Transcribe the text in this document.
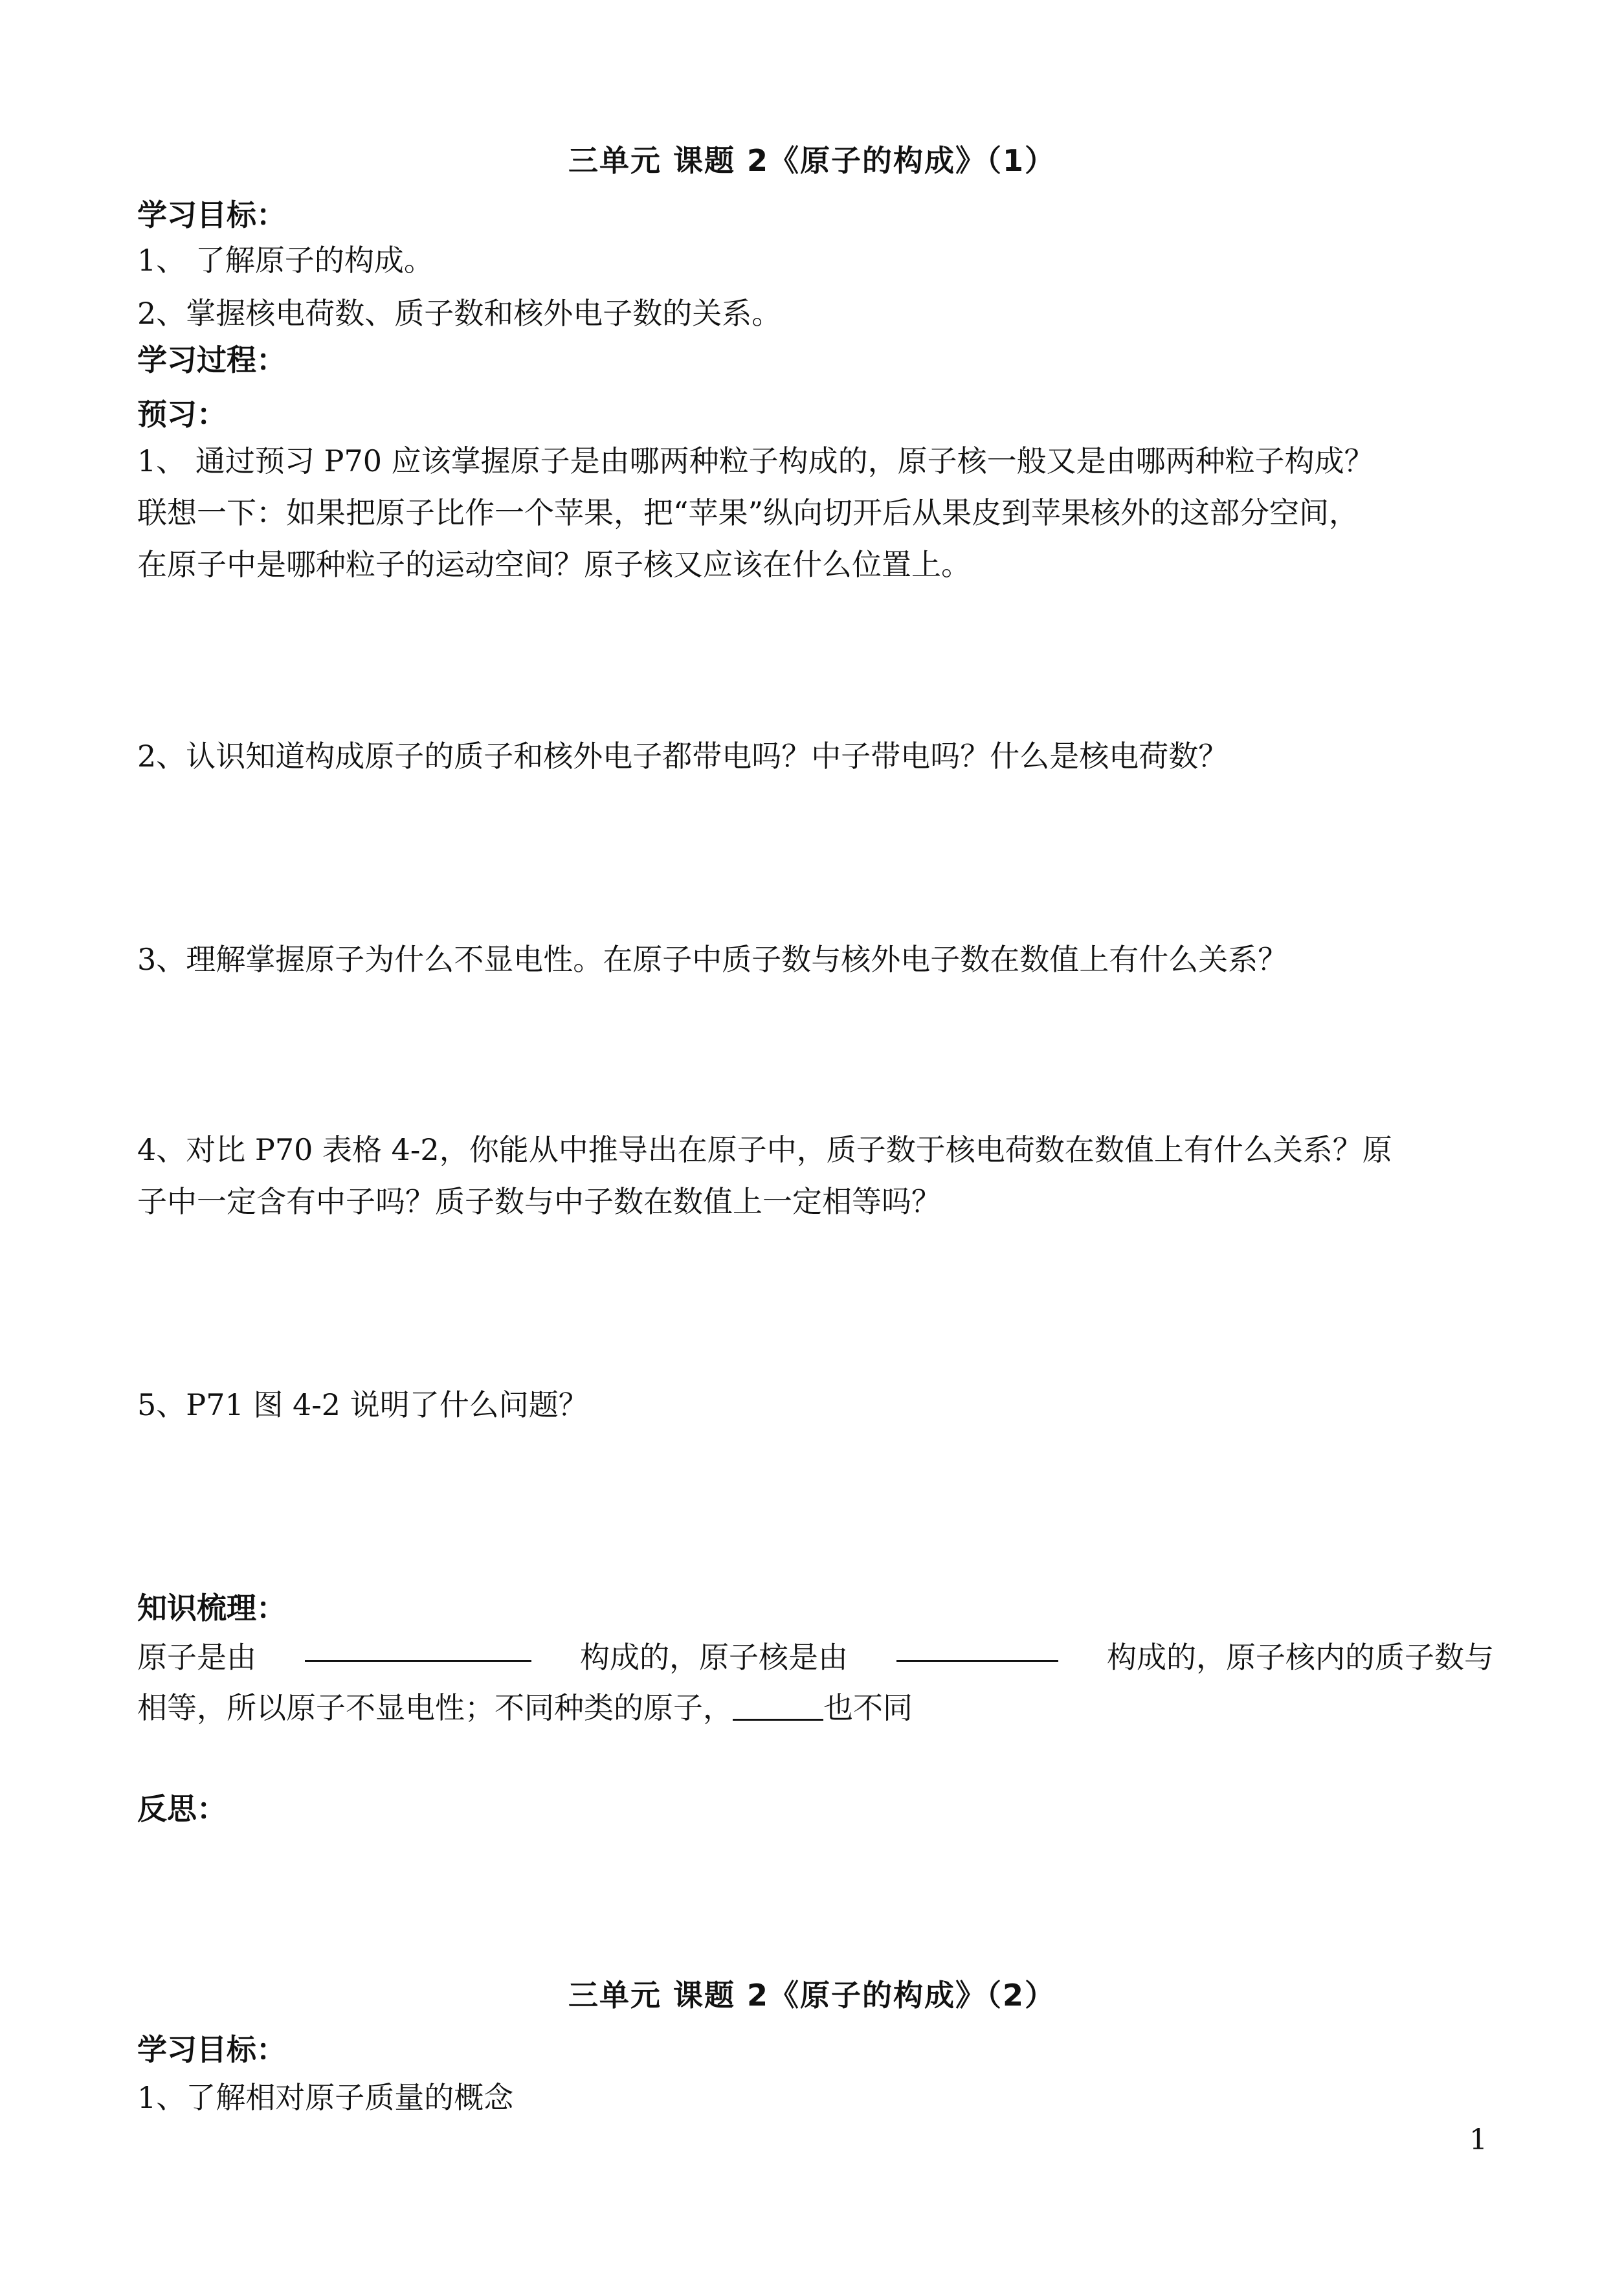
三单元 课题 2《原子的构成》（1）
学习目标：
1、 了解原子的构成。
2、掌握核电荷数、质子数和核外电子数的关系。
学习过程：
预习：
1、 通过预习 P70 应该掌握原子是由哪两种粒子构成的，原子核一般又是由哪两种粒子构成？
联想一下：如果把原子比作一个苹果，把“苹果”纵向切开后从果皮到苹果核外的这部分空间，
在原子中是哪种粒子的运动空间？原子核又应该在什么位置上。
2、认识知道构成原子的质子和核外电子都带电吗？中子带电吗？什么是核电荷数？
3、理解掌握原子为什么不显电性。在原子中质子数与核外电子数在数值上有什么关系？
4、对比 P70 表格 4-2，你能从中推导出在原子中，质子数于核电荷数在数值上有什么关系？原
子中一定含有中子吗？质子数与中子数在数值上一定相等吗？
5、P71 图 4-2 说明了什么问题？
知识梳理：
原子是由	构成的，原子核是由	构成的，原子核内的质子数与
相等，所以原子不显电性；不同种类的原子，	也不同
反思：
三单元 课题 2《原子的构成》（2）
学习目标：
1、了解相对原子质量的概念
1
